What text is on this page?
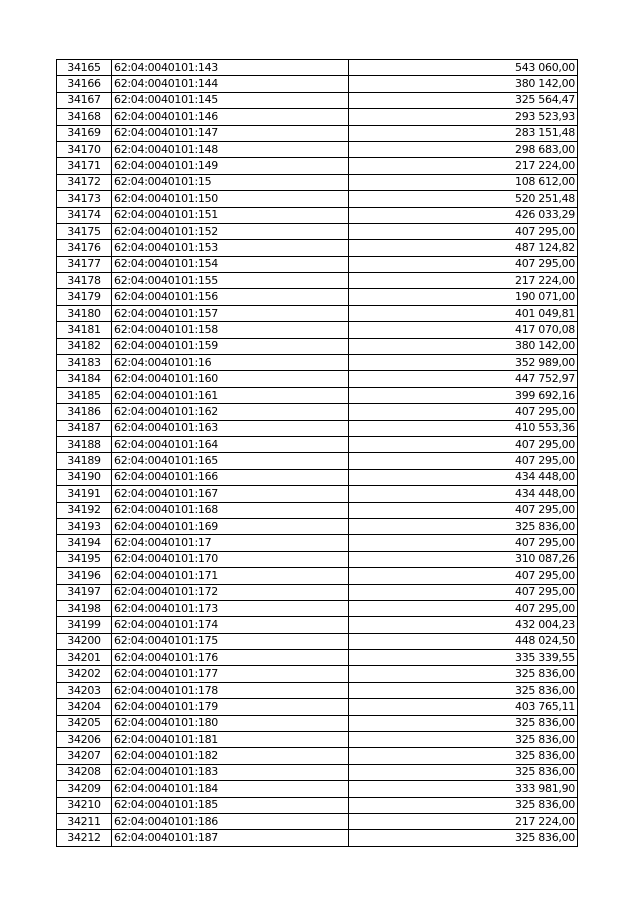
34165	62:04:0040101:143	543 060,00
34166	62:04:0040101:144	380 142,00
34167	62:04:0040101:145	325 564,47
34168	62:04:0040101:146	293 523,93
34169	62:04:0040101:147	283 151,48
34170	62:04:0040101:148	298 683,00
34171	62:04:0040101:149	217 224,00
34172	62:04:0040101:15	108 612,00
34173	62:04:0040101:150	520 251,48
34174	62:04:0040101:151	426 033,29
34175	62:04:0040101:152	407 295,00
34176	62:04:0040101:153	487 124,82
34177	62:04:0040101:154	407 295,00
34178	62:04:0040101:155	217 224,00
34179	62:04:0040101:156	190 071,00
34180	62:04:0040101:157	401 049,81
34181	62:04:0040101:158	417 070,08
34182	62:04:0040101:159	380 142,00
34183	62:04:0040101:16	352 989,00
34184	62:04:0040101:160	447 752,97
34185	62:04:0040101:161	399 692,16
34186	62:04:0040101:162	407 295,00
34187	62:04:0040101:163	410 553,36
34188	62:04:0040101:164	407 295,00
34189	62:04:0040101:165	407 295,00
34190	62:04:0040101:166	434 448,00
34191	62:04:0040101:167	434 448,00
34192	62:04:0040101:168	407 295,00
34193	62:04:0040101:169	325 836,00
34194	62:04:0040101:17	407 295,00
34195	62:04:0040101:170	310 087,26
34196	62:04:0040101:171	407 295,00
34197	62:04:0040101:172	407 295,00
34198	62:04:0040101:173	407 295,00
34199	62:04:0040101:174	432 004,23
34200	62:04:0040101:175	448 024,50
34201	62:04:0040101:176	335 339,55
34202	62:04:0040101:177	325 836,00
34203	62:04:0040101:178	325 836,00
34204	62:04:0040101:179	403 765,11
34205	62:04:0040101:180	325 836,00
34206	62:04:0040101:181	325 836,00
34207	62:04:0040101:182	325 836,00
34208	62:04:0040101:183	325 836,00
34209	62:04:0040101:184	333 981,90
34210	62:04:0040101:185	325 836,00
34211	62:04:0040101:186	217 224,00
34212	62:04:0040101:187	325 836,00
